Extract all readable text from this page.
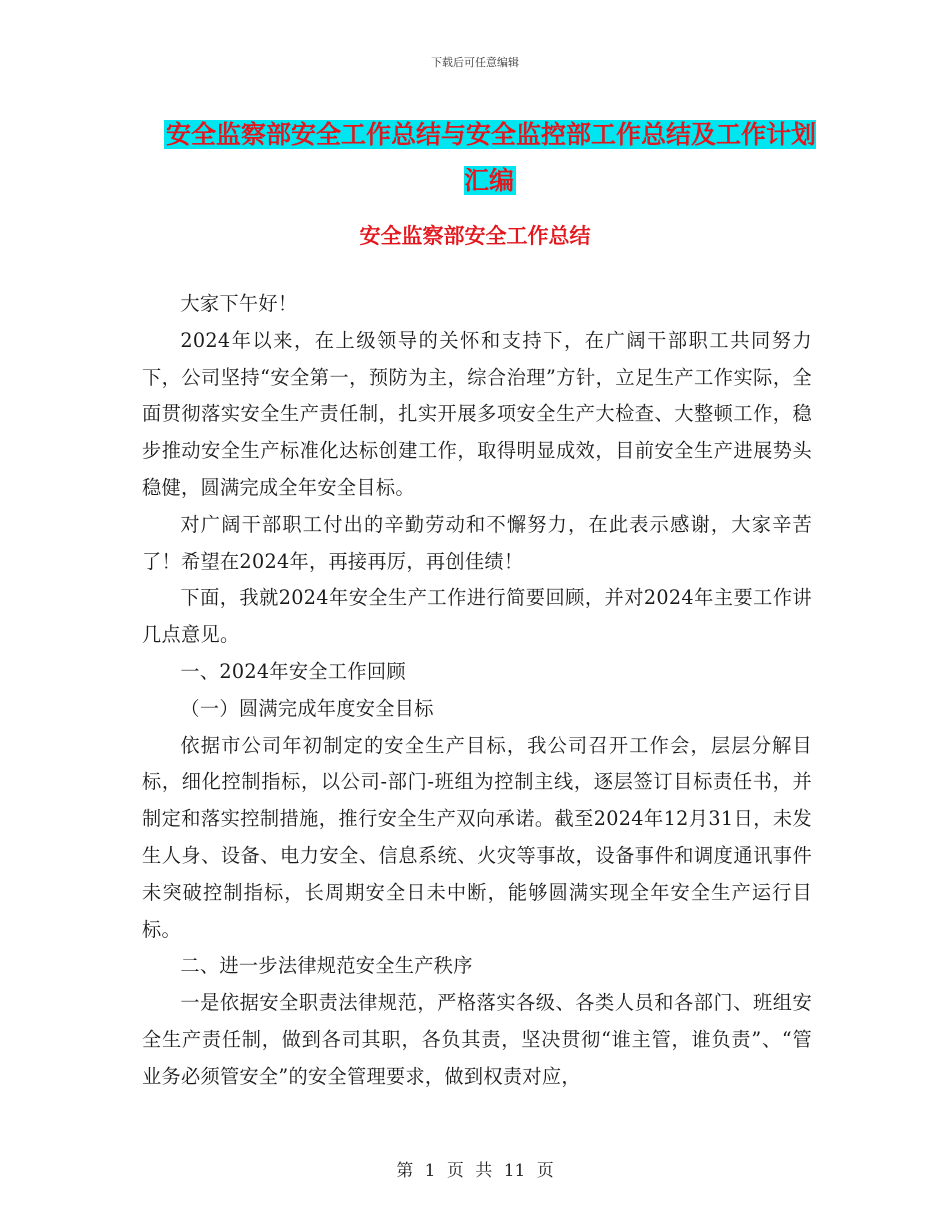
下载后可任意编辑
安全监察部安全工作总结与安全监控部工作总结及工作计划汇编
安全监察部安全工作总结

大家下午好！

2024年以来，在上级领导的关怀和支持下，在广阔干部职工共同努力下，公司坚持“安全第一，预防为主，综合治理”方针，立足生产工作实际，全面贯彻落实安全生产责任制，扎实开展多项安全生产大检查、大整顿工作，稳步推动安全生产标准化达标创建工作，取得明显成效，目前安全生产进展势头稳健，圆满完成全年安全目标。

对广阔干部职工付出的辛勤劳动和不懈努力，在此表示感谢，大家辛苦了！希望在2024年，再接再厉，再创佳绩！

下面，我就2024年安全生产工作进行简要回顾，并对2024年主要工作讲几点意见。

一、2024年安全工作回顾

（一）圆满完成年度安全目标

依据市公司年初制定的安全生产目标，我公司召开工作会，层层分解目标，细化控制指标，以公司-部门-班组为控制主线，逐层签订目标责任书，并制定和落实控制措施，推行安全生产双向承诺。截至2024年12月31日，未发生人身、设备、电力安全、信息系统、火灾等事故，设备事件和调度通讯事件未突破控制指标，长周期安全日未中断，能够圆满实现全年安全生产运行目标。

二、进一步法律规范安全生产秩序

一是依据安全职责法律规范，严格落实各级、各类人员和各部门、班组安全生产责任制，做到各司其职，各负其责，坚决贯彻“谁主管，谁负责”、“管业务必须管安全”的安全管理要求，做到权责对应，

第 1 页 共 11 页
